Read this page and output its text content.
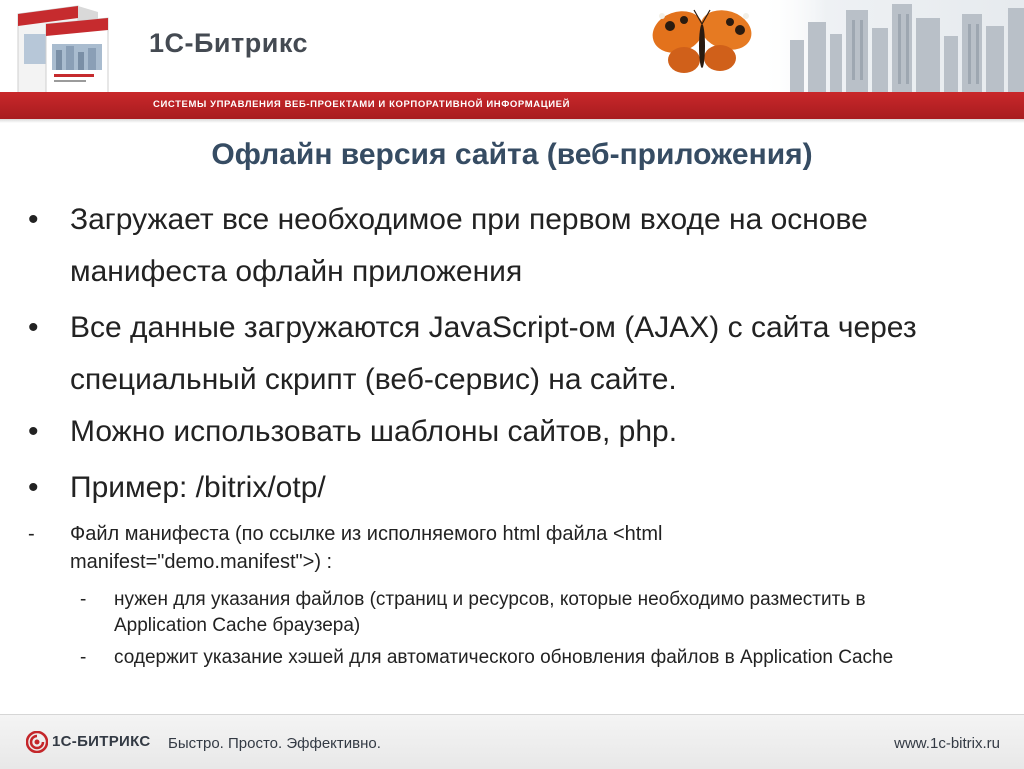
1С-Битрикс
СИСТЕМЫ УПРАВЛЕНИЯ ВЕБ-ПРОЕКТАМИ И КОРПОРАТИВНОЙ ИНФОРМАЦИЕЙ
Офлайн версия сайта (веб-приложения)
•	Загружает все необходимое при первом входе на основе манифеста офлайн приложения
•	Все данные загружаются JavaScript-ом (AJAX) с сайта через специальный скрипт (веб-сервис) на сайте.
•	Можно использовать шаблоны сайтов, php.
•	Пример: /bitrix/otp/
- Файл манифеста (по ссылке из исполняемого html файла <html manifest="demo.manifest">) :
- нужен для указания файлов (страниц и ресурсов, которые необходимо разместить в Application Cache браузера)
- содержит указание хэшей для автоматического обновления файлов в Application Cache
1С-БИТРИКС Быстро. Просто. Эффективно.	www.1c-bitrix.ru
